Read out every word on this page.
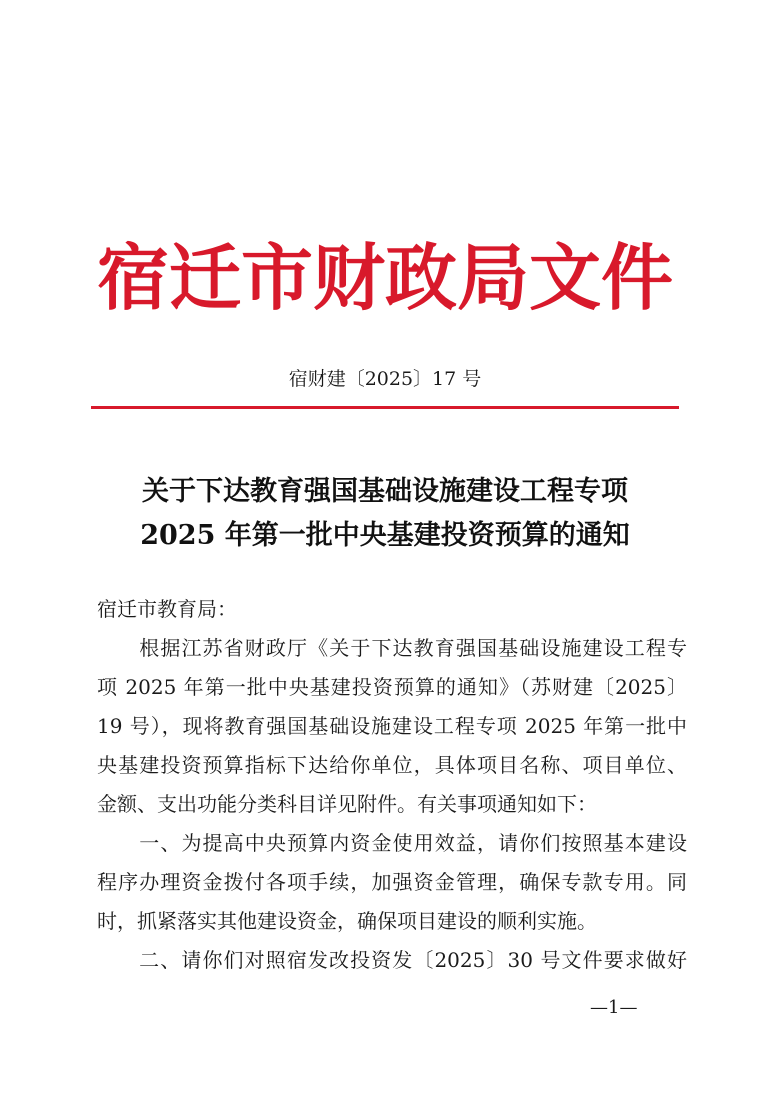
宿迁市财政局文件
宿财建〔2025〕17 号
关于下达教育强国基础设施建设工程专项
2025 年第一批中央基建投资预算的通知
宿迁市教育局：
　　根据江苏省财政厅《关于下达教育强国基础设施建设工程专
项 2025 年第一批中央基建投资预算的通知》（苏财建〔2025〕
19 号），现将教育强国基础设施建设工程专项 2025 年第一批中
央基建投资预算指标下达给你单位，具体项目名称、项目单位、
金额、支出功能分类科目详见附件。有关事项通知如下：
　　一、为提高中央预算内资金使用效益，请你们按照基本建设
程序办理资金拨付各项手续，加强资金管理，确保专款专用。同
时，抓紧落实其他建设资金，确保项目建设的顺利实施。
　　二、请你们对照宿发改投资发〔2025〕30 号文件要求做好
—1—
